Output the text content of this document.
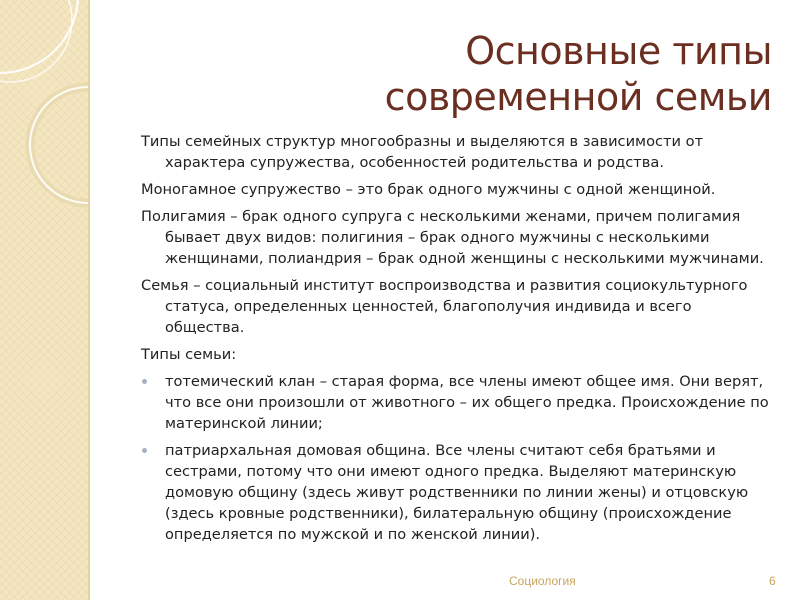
Основные типы
современной семьи

Типы семейных структур многообразны и выделяются в зависимости от характера супружества, особенностей родительства и родства.

Моногамное супружество – это брак одного мужчины с одной женщиной.

Полигамия – брак одного супруга с несколькими женами, причем полигамия бывает двух видов: полигиния – брак одного мужчины с несколькими женщинами, полиандрия – брак одной женщины с несколькими мужчинами.

Семья – социальный институт воспроизводства и развития социокультурного статуса, определенных ценностей, благополучия индивида и всего общества.

Типы семьи:

тотемический клан – старая форма, все члены имеют общее имя. Они верят, что все они произошли от животного – их общего предка. Происхождение по материнской линии;
патриархальная домовая община. Все члены считают себя братьями и сестрами, потому что они имеют одного предка. Выделяют материнскую домовую общину (здесь живут родственники по линии жены) и отцовскую (здесь кровные родственники), билатеральную общину (происхождение определяется по мужской и по женской линии).
Социология	6
